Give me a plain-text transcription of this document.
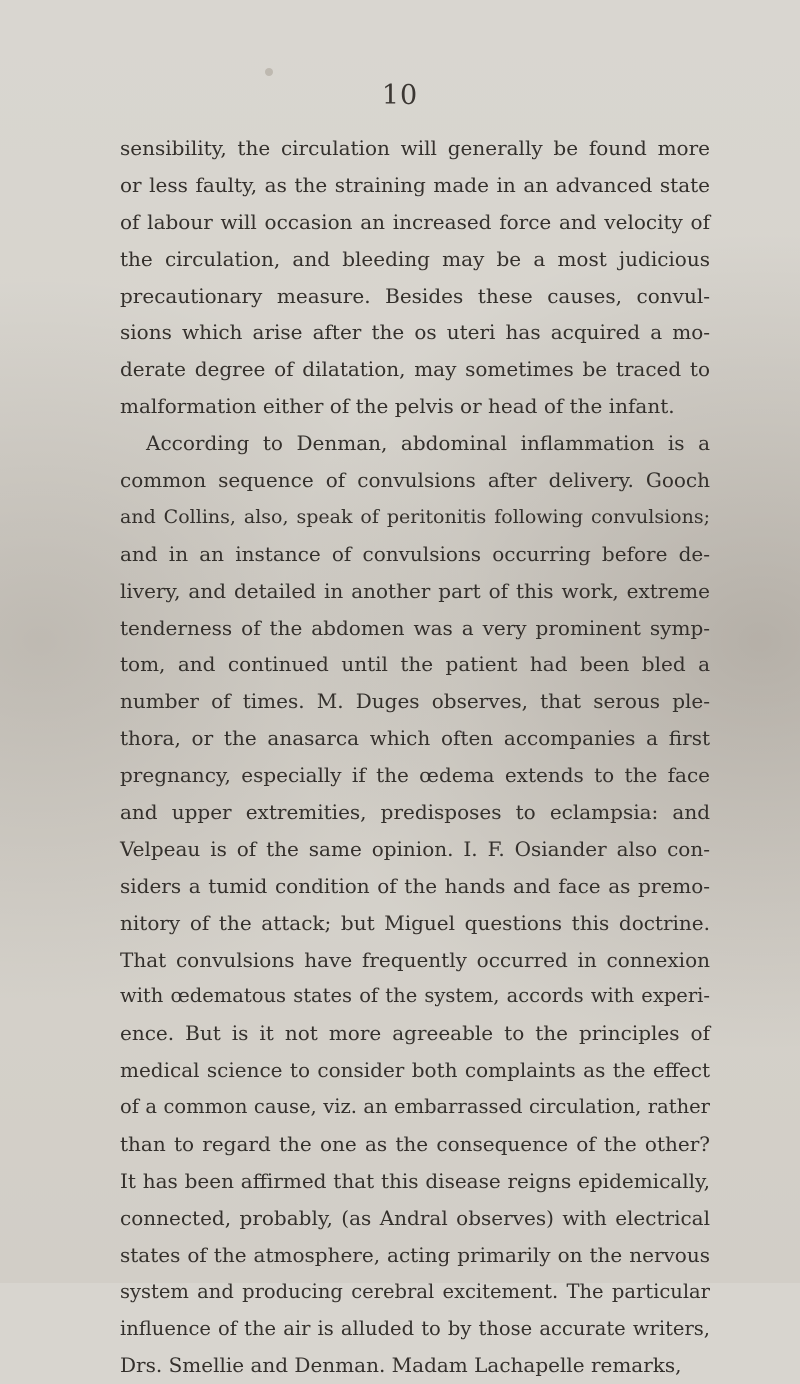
10
sensibility, the circulation will generally be found more
or less faulty, as the straining made in an advanced state
of labour will occasion an increased force and velocity of
the circulation, and bleeding may be a most judicious
precautionary measure. Besides these causes, convul-
sions which arise after the os uteri has acquired a mo-
derate degree of dilatation, may sometimes be traced to
malformation either of the pelvis or head of the infant.
According to Denman, abdominal inflammation is a
common sequence of convulsions after delivery. Gooch
and Collins, also, speak of peritonitis following convulsions;
and in an instance of convulsions occurring before de-
livery, and detailed in another part of this work, extreme
tenderness of the abdomen was a very prominent symp-
tom, and continued until the patient had been bled a
number of times. M. Duges observes, that serous ple-
thora, or the anasarca which often accompanies a first
pregnancy, especially if the œdema extends to the face
and upper extremities, predisposes to eclampsia: and
Velpeau is of the same opinion. I. F. Osiander also con-
siders a tumid condition of the hands and face as premo-
nitory of the attack; but Miguel questions this doctrine.
That convulsions have frequently occurred in connexion
with œdematous states of the system, accords with experi-
ence. But is it not more agreeable to the principles of
medical science to consider both complaints as the effect
of a common cause, viz. an embarrassed circulation, rather
than to regard the one as the consequence of the other?
It has been affirmed that this disease reigns epidemically,
connected, probably, (as Andral observes) with electrical
states of the atmosphere, acting primarily on the nervous
system and producing cerebral excitement. The particular
influence of the air is alluded to by those accurate writers,
Drs. Smellie and Denman. Madam Lachapelle remarks,
